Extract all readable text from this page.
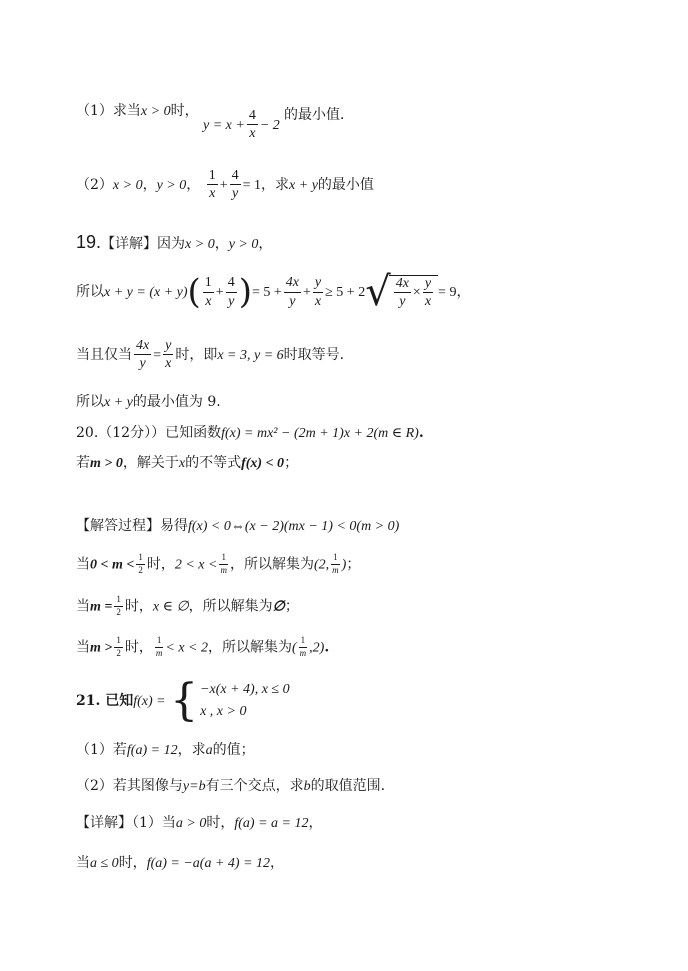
（1）求当x > 0时，
$y = x + \frac{4}{x} - 2$
的最小值．
（2）x > 0，y > 0， $\frac{1}{x} + \frac{4}{y} = 1$，求x + y的最小值
19.【详解】因为x > 0，y > 0，
所以$x + y = (x + y)( \frac{1}{x} + \frac{4}{y}$ )= $5 + \frac{4x}{y} + \frac{y}{x} \ge 5 + 2$ √ $\frac{4x}{y} \times \frac{y}{x} = 9$，
当且仅当 $\frac{4x}{y} = \frac{y}{x}$ 时，即x = 3, y = 6时取等号.
所以x + y的最小值为 9.
20.（12分））已知函数f(x) = mx² − (2m + 1)x + 2(m ∈ R).
若m > 0，解关于x的不等式f(x) < 0；
【解答过程】易得f(x) < 0⇔(x − 2)(mx − 1) < 0(m > 0)
当$0 < m < \frac{1}{2}$ 时，$2 < x < \frac{1}{m}$ ，所以解集为(2, $\frac{1}{m}$ )；
当$m = \frac{1}{2}$ 时，x ∈ ∅，所以解集为∅；
当$m > \frac{1}{2}$ 时， $\frac{1}{m} < x < 2$，所以解集为( $\frac{1}{m} ,2$).
21. 已知f(x) = { −x(x + 4), x ≤ 0
x , x > 0
（1）若f(a) = 12，求a的值；
（2）若其图像与y=b有三个交点，求b的取值范围.
【详解】（1）当a > 0时，f(a) = a = 12，
当a ≤ 0时，f(a) = −a(a + 4) = 12，
